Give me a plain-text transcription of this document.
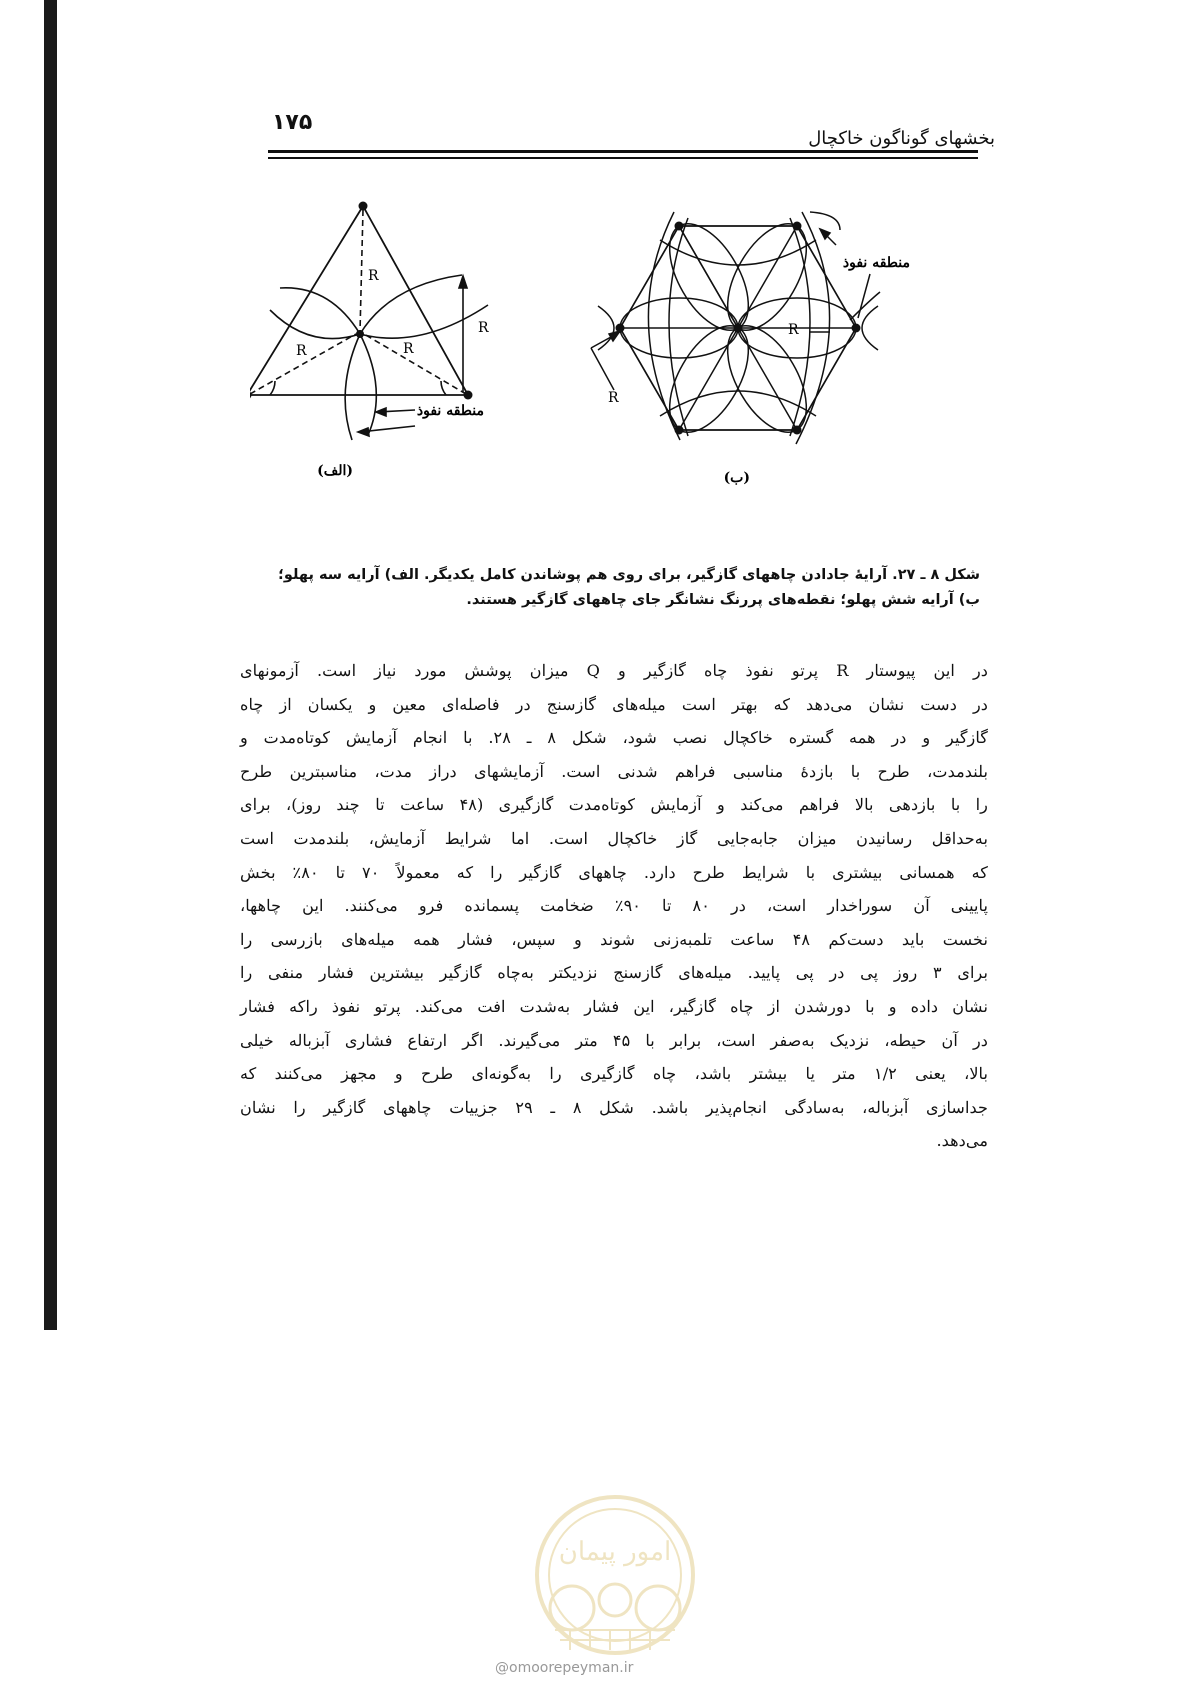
۱۷۵
بخشهای گوناگون خاکچال
R
R
R	R
منطقه نفوذ
(الف)
R
R
منطقه نفوذ
(ب)
شکل ۸ ـ ۲۷. آرایهٔ جادادن چاههای گازگیر، برای روی هم پوشاندن کامل یکدیگر. الف) آرایه سه پهلو؛
ب) آرایه شش پهلو؛ نقطه‌های پررنگ نشانگر جای چاههای گازگیر هستند.
در این پیوستار R پرتو نفوذ چاه گازگیر و Q میزان پوشش مورد نیاز است. آزمونهای
در دست نشان می‌دهد که بهتر است میله‌های گازسنج در فاصله‌ای معین و یکسان از چاه
گازگیر و در همه گستره خاکچال نصب شود، شکل ۸ ـ ۲۸. با انجام آزمایش کوتاه‌مدت و
بلندمدت، طرح با بازدهٔ مناسبی فراهم شدنی است. آزمایشهای دراز مدت، مناسبترین طرح
را با بازدهی بالا فراهم می‌کند و آزمایش کوتاه‌مدت گازگیری (۴۸ ساعت تا چند روز)، برای
به‌حداقل رسانیدن میزان جابه‌جایی گاز خاکچال است. اما شرایط آزمایش، بلندمدت است
که همسانی بیشتری با شرایط طرح دارد. چاههای گازگیر را که معمولاً ۷۰ تا ۸۰٪ بخش
پایینی آن سوراخدار است، در ۸۰ تا ۹۰٪ ضخامت پسمانده فرو می‌کنند. این چاهها،
نخست باید دست‌کم ۴۸ ساعت تلمبه‌زنی شوند و سپس، فشار همه میله‌های بازرسی را
برای ۳ روز پی در پی پایید. میله‌های گازسنج نزدیکتر به‌چاه گازگیر بیشترین فشار منفی را
نشان داده و با دورشدن از چاه گازگیر، این فشار به‌شدت افت می‌کند. پرتو نفوذ راکه فشار
در آن حیطه، نزدیک به‌صفر است، برابر با ۴۵ متر می‌گیرند. اگر ارتفاع فشاری آبزباله خیلی
بالا، یعنی ۱/۲ متر یا بیشتر باشد، چاه گازگیری را به‌گونه‌ای طرح و مجهز می‌کنند که
جداسازی آبزباله، به‌سادگی انجام‌پذیر باشد. شکل ۸ ـ ۲۹ جزییات چاههای گازگیر را نشان
می‌دهد.
امور پیمان
@omoorepeyman.ir
